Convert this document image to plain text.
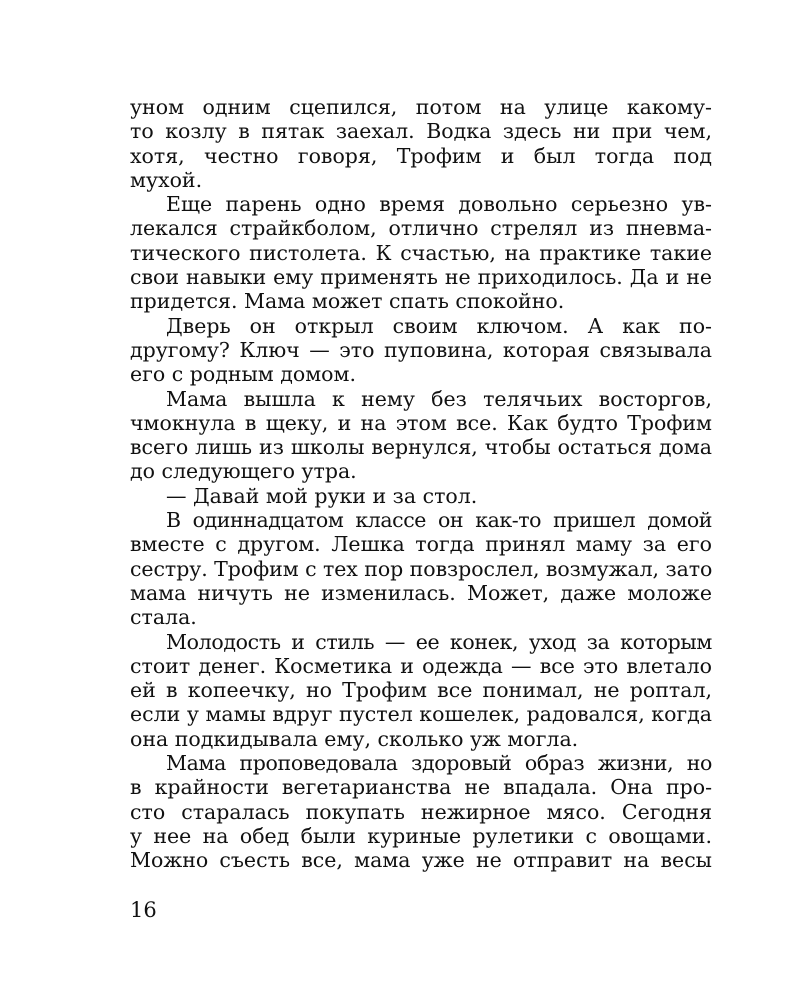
уном одним сцепился, потом на улице какому-
то козлу в пятак заехал. Водка здесь ни при чем,
хотя, честно говоря, Трофим и был тогда под
мухой.
Еще парень одно время довольно серьезно ув-
лекался страйкболом, отлично стрелял из пневма-
тического пистолета. К счастью, на практике такие
свои навыки ему применять не приходилось. Да и не
придется. Мама может спать спокойно.
Дверь он открыл своим ключом. А как по-
другому? Ключ — это пуповина, которая связывала
его с родным домом.
Мама вышла к нему без телячьих восторгов,
чмокнула в щеку, и на этом все. Как будто Трофим
всего лишь из школы вернулся, чтобы остаться дома
до следующего утра.
— Давай мой руки и за стол.
В одиннадцатом классе он как-то пришел домой
вместе с другом. Лешка тогда принял маму за его
сестру. Трофим с тех пор повзрослел, возмужал, зато
мама ничуть не изменилась. Может, даже моложе
стала.
Молодость и стиль — ее конек, уход за которым
стоит денег. Косметика и одежда — все это влетало
ей в копеечку, но Трофим все понимал, не роптал,
если у мамы вдруг пустел кошелек, радовался, когда
она подкидывала ему, сколько уж могла.
Мама проповедовала здоровый образ жизни, но
в крайности вегетарианства не впадала. Она про-
сто старалась покупать нежирное мясо. Сегодня
у нее на обед были куриные рулетики с овощами.
Можно съесть все, мама уже не отправит на весы
16
